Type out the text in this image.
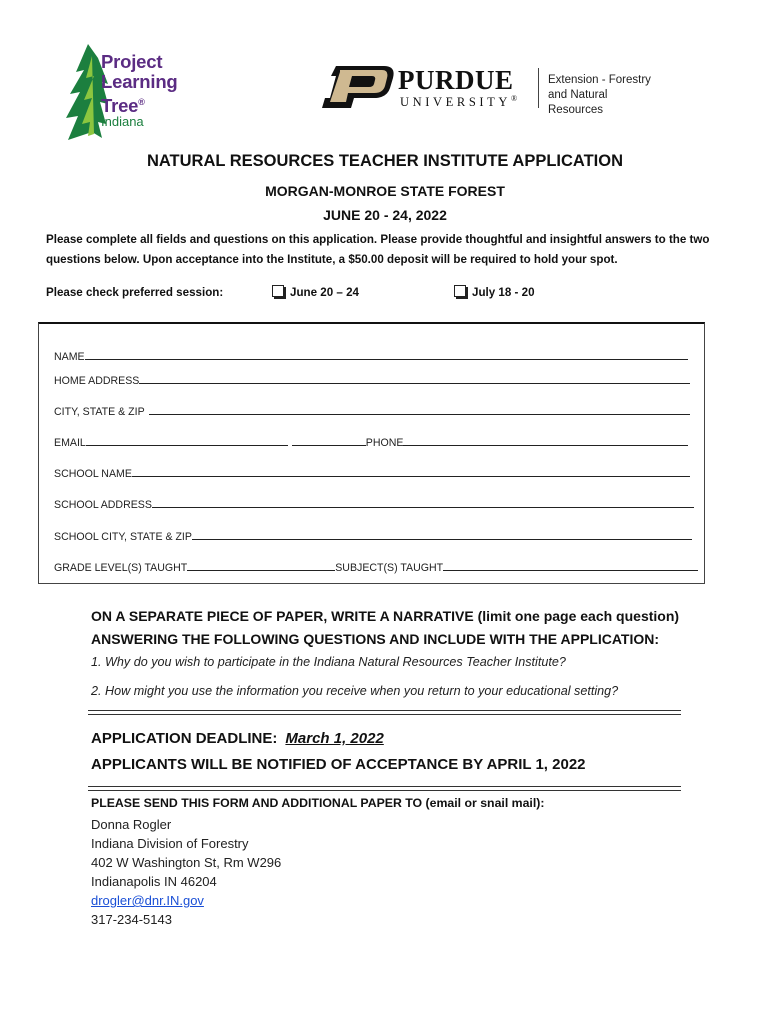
Project
Learning
Tree®
Indiana
PURDUE
UNIVERSITY®
Extension - Forestry
and Natural Resources
NATURAL RESOURCES TEACHER INSTITUTE APPLICATION
MORGAN-MONROE STATE FOREST
JUNE 20 - 24, 2022
Please complete all fields and questions on this application. Please provide thoughtful and insightful answers to the two questions below. Upon acceptance into the Institute, a $50.00 deposit will be required to hold your spot.
Please check preferred session:	June 20 – 24	July 18 - 20
NAME
HOME ADDRESS
CITY, STATE & ZIP
EMAIL	PHONE
SCHOOL NAME
SCHOOL ADDRESS
SCHOOL CITY, STATE & ZIP
GRADE LEVEL(S) TAUGHT	SUBJECT(S) TAUGHT
ON A SEPARATE PIECE OF PAPER, WRITE A NARRATIVE (limit one page each question)
ANSWERING THE FOLLOWING QUESTIONS AND INCLUDE WITH THE APPLICATION:
1. Why do you wish to participate in the Indiana Natural Resources Teacher Institute?
2. How might you use the information you receive when you return to your educational setting?
APPLICATION DEADLINE: March 1, 2022
APPLICANTS WILL BE NOTIFIED OF ACCEPTANCE BY APRIL 1, 2022
PLEASE SEND THIS FORM AND ADDITIONAL PAPER TO (email or snail mail):
Donna Rogler
Indiana Division of Forestry
402 W Washington St, Rm W296
Indianapolis IN 46204
drogler@dnr.IN.gov
317-234-5143
